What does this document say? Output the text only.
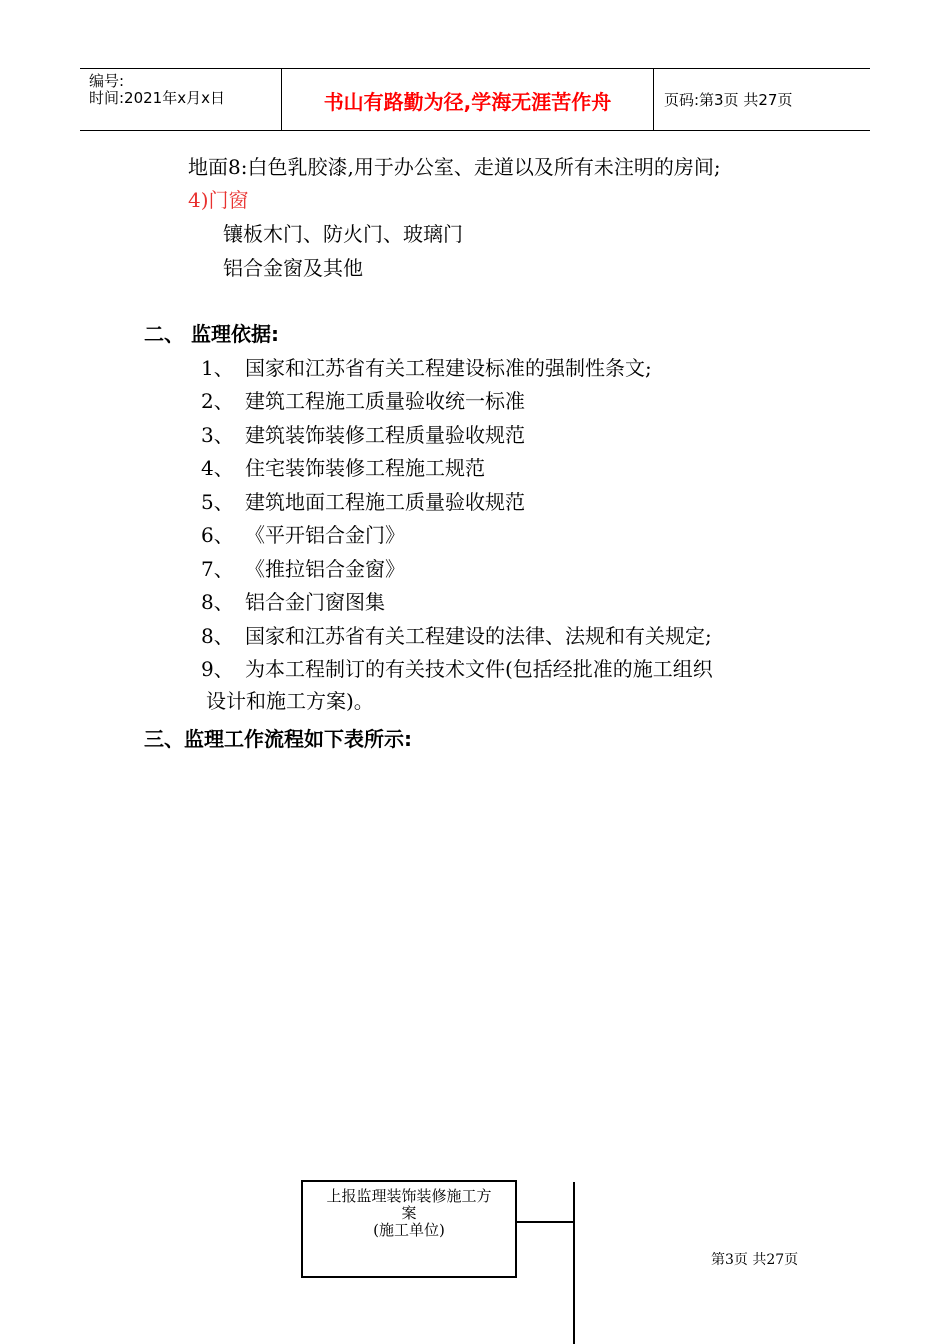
编号:
时间:2021年x月x日	书山有路勤为径,学海无涯苦作舟	页码:第3页 共27页
地面8:白色乳胶漆,用于办公室、走道以及所有未注明的房间;
4)门窗
镶板木门、防火门、玻璃门
铝合金窗及其他
二、 监理依据:
1、 国家和江苏省有关工程建设标准的强制性条文;
2、 建筑工程施工质量验收统一标准
3、 建筑装饰装修工程质量验收规范
4、 住宅装饰装修工程施工规范
5、 建筑地面工程施工质量验收规范
6、 《平开铝合金门》
7、 《推拉铝合金窗》
8、 铝合金门窗图集
8、 国家和江苏省有关工程建设的法律、法规和有关规定;
9、 为本工程制订的有关技术文件(包括经批准的施工组织
设计和施工方案)。
三、监理工作流程如下表所示:
上报监理装饰装修施工方
案
(施工单位)
第3页 共27页
